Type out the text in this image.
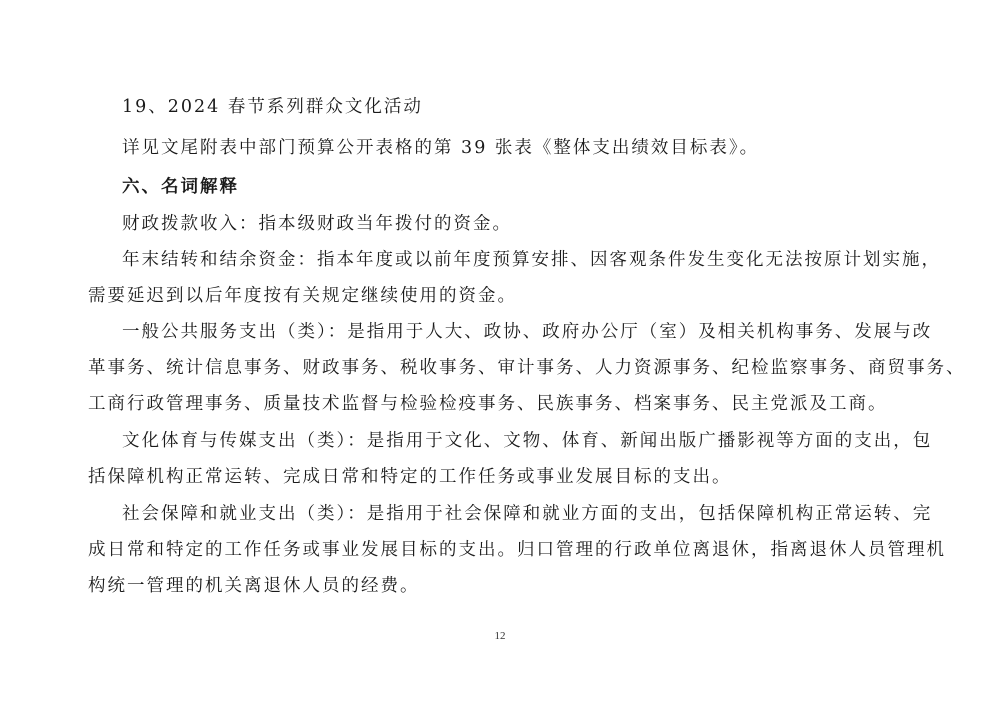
19、2024 春节系列群众文化活动
详见文尾附表中部门预算公开表格的第 39 张表《整体支出绩效目标表》。
六、名词解释
财政拨款收入：指本级财政当年拨付的资金。
年末结转和结余资金：指本年度或以前年度预算安排、因客观条件发生变化无法按原计划实施，
需要延迟到以后年度按有关规定继续使用的资金。
一般公共服务支出（类）：是指用于人大、政协、政府办公厅（室）及相关机构事务、发展与改
革事务、统计信息事务、财政事务、税收事务、审计事务、人力资源事务、纪检监察事务、商贸事务、
工商行政管理事务、质量技术监督与检验检疫事务、民族事务、档案事务、民主党派及工商。
文化体育与传媒支出（类）：是指用于文化、文物、体育、新闻出版广播影视等方面的支出，包
括保障机构正常运转、完成日常和特定的工作任务或事业发展目标的支出。
社会保障和就业支出（类）：是指用于社会保障和就业方面的支出，包括保障机构正常运转、完
成日常和特定的工作任务或事业发展目标的支出。归口管理的行政单位离退休，指离退休人员管理机
构统一管理的机关离退休人员的经费。
12
